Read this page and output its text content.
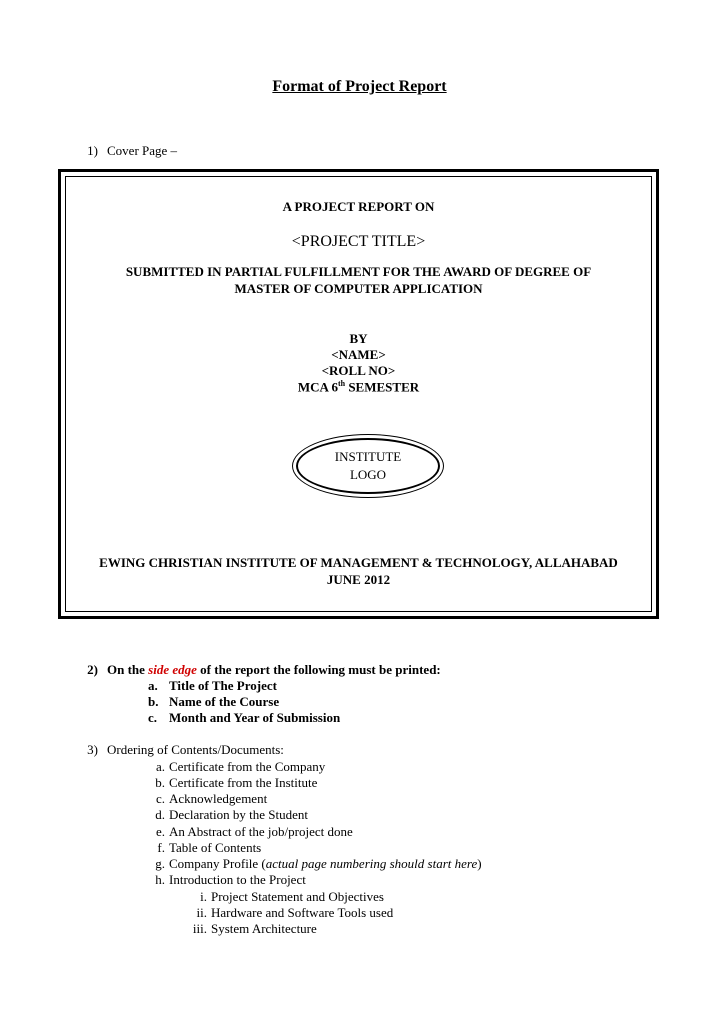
Format of Project Report
1) Cover Page –
A PROJECT REPORT ON
<PROJECT TITLE>
SUBMITTED IN PARTIAL FULFILLMENT FOR THE AWARD OF DEGREE OF
MASTER OF COMPUTER APPLICATION
BY
<NAME>
<ROLL NO>
MCA 6th SEMESTER
INSTITUTE
LOGO
EWING CHRISTIAN INSTITUTE OF MANAGEMENT & TECHNOLOGY, ALLAHABAD
JUNE 2012
2) On the side edge of the report the following must be printed:
a. Title of The Project
b. Name of the Course
c. Month and Year of Submission
3) Ordering of Contents/Documents:
a. Certificate from the Company
b. Certificate from the Institute
c. Acknowledgement
d. Declaration by the Student
e. An Abstract of the job/project done
f. Table of Contents
g. Company Profile (actual page numbering should start here)
h. Introduction to the Project
i. Project Statement and Objectives
ii. Hardware and Software Tools used
iii. System Architecture
